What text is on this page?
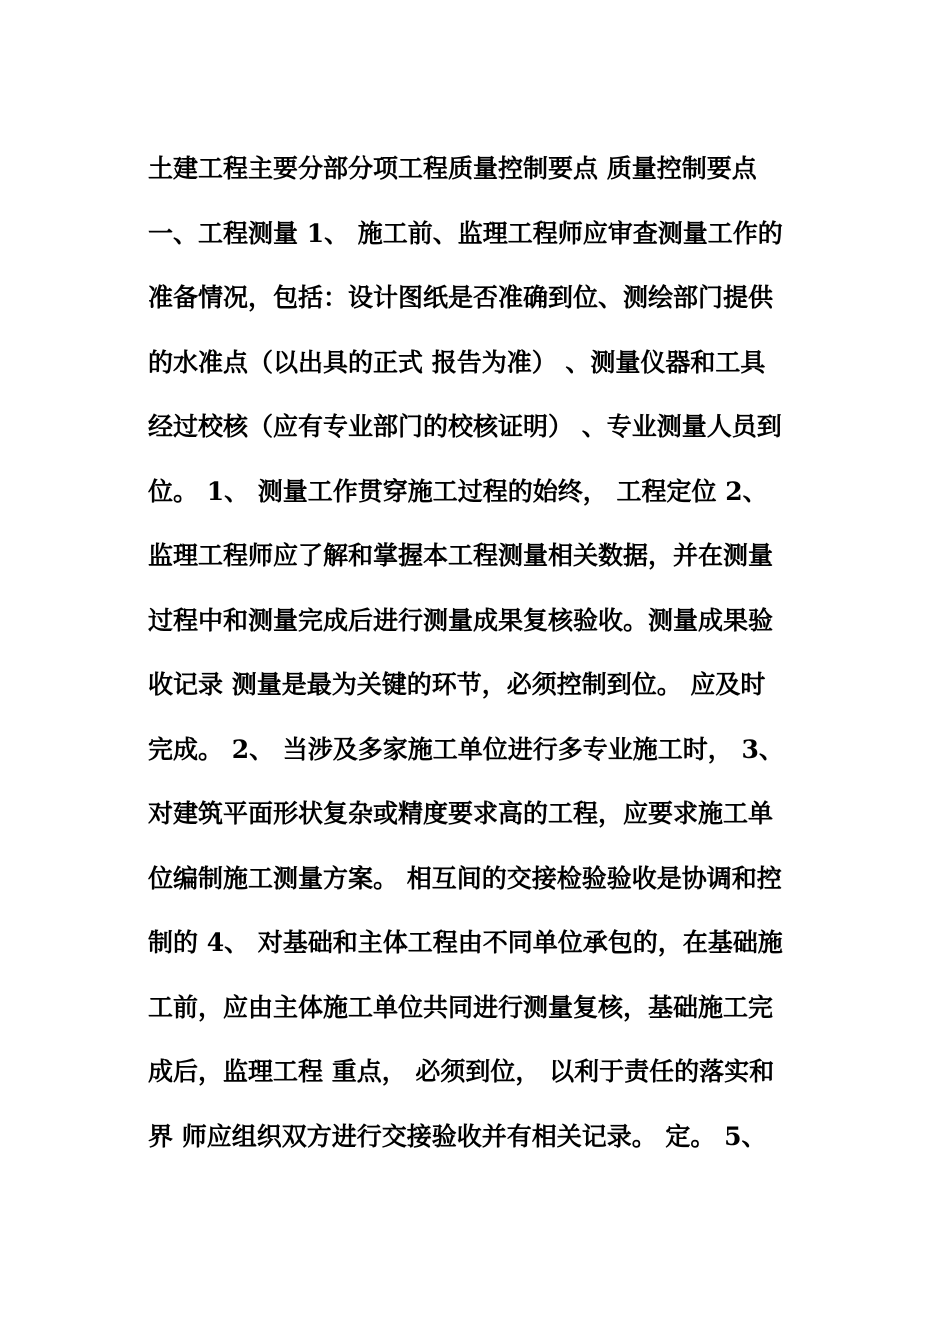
土建工程主要分部分项工程质量控制要点 质量控制要点
一、工程测量 1、 施工前、监理工程师应审查测量工作的
准备情况，包括：设计图纸是否准确到位、测绘部门提供
的水准点（以出具的正式 报告为准） 、测量仪器和工具
经过校核（应有专业部门的校核证明） 、专业测量人员到
位。 1、 测量工作贯穿施工过程的始终， 工程定位 2、
监理工程师应了解和掌握本工程测量相关数据，并在测量
过程中和测量完成后进行测量成果复核验收。测量成果验
收记录 测量是最为关键的环节，必须控制到位。 应及时
完成。 2、 当涉及多家施工单位进行多专业施工时， 3、
对建筑平面形状复杂或精度要求高的工程，应要求施工单
位编制施工测量方案。 相互间的交接检验验收是协调和控
制的 4、 对基础和主体工程由不同单位承包的，在基础施
工前，应由主体施工单位共同进行测量复核，基础施工完
成后，监理工程 重点， 必须到位， 以利于责任的落实和
界 师应组织双方进行交接验收并有相关记录。 定。 5、
